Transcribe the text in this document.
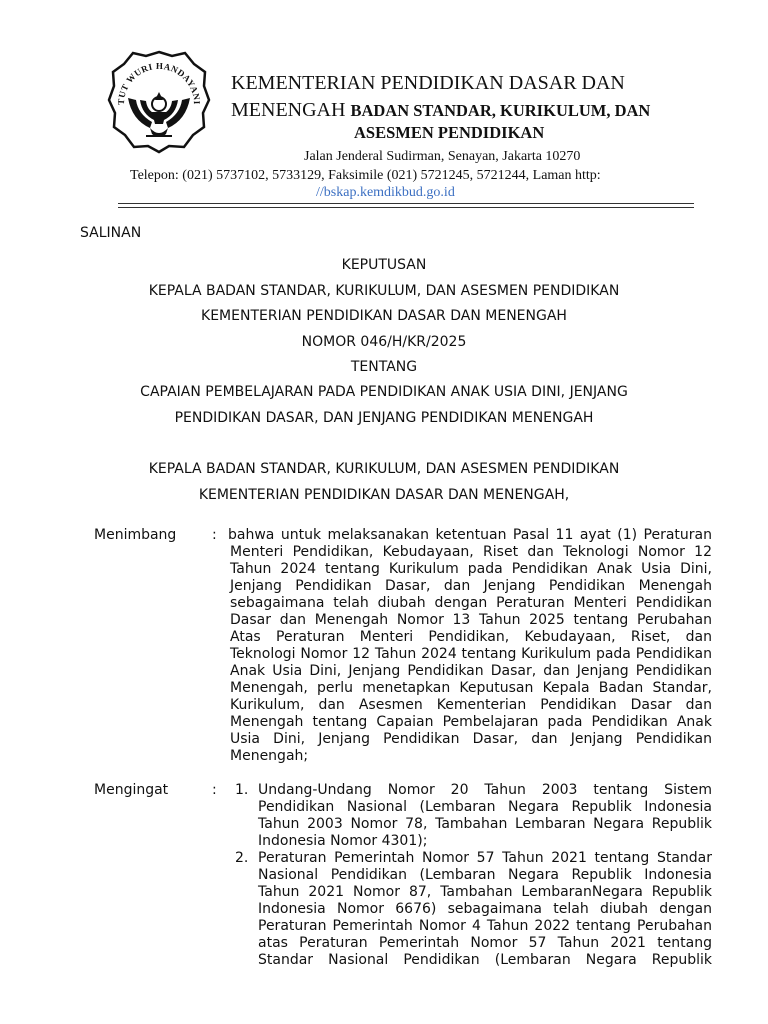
TUT WURI HANDAYANI
KEMENTERIAN PENDIDIKAN DASAR DAN
MENENGAH BADAN STANDAR, KURIKULUM, DAN
ASESMEN PENDIDIKAN
Jalan Jenderal Sudirman, Senayan, Jakarta 10270
Telepon: (021) 5737102, 5733129, Faksimile (021) 5721245, 5721244, Laman http:
//bskap.kemdikbud.go.id
SALINAN
KEPUTUSAN
KEPALA BADAN STANDAR, KURIKULUM, DAN ASESMEN PENDIDIKAN
KEMENTERIAN PENDIDIKAN DASAR DAN MENENGAH
NOMOR 046/H/KR/2025
TENTANG
CAPAIAN PEMBELAJARAN PADA PENDIDIKAN ANAK USIA DINI, JENJANG
PENDIDIKAN DASAR, DAN JENJANG PENDIDIKAN MENENGAH
KEPALA BADAN STANDAR, KURIKULUM, DAN ASESMEN PENDIDIKAN
KEMENTERIAN PENDIDIKAN DASAR DAN MENENGAH,
Menimbang	: bahwa untuk melaksanakan ketentuan Pasal 11 ayat (1) Peraturan Menteri Pendidikan, Kebudayaan, Riset dan Teknologi Nomor 12 Tahun 2024 tentang Kurikulum pada Pendidikan Anak Usia Dini, Jenjang Pendidikan Dasar, dan Jenjang Pendidikan Menengah sebagaimana telah diubah dengan Peraturan Menteri Pendidikan Dasar dan Menengah Nomor 13 Tahun 2025 tentang Perubahan Atas Peraturan Menteri Pendidikan, Kebudayaan, Riset, dan Teknologi Nomor 12 Tahun 2024 tentang Kurikulum pada Pendidikan Anak Usia Dini, Jenjang Pendidikan Dasar, dan Jenjang Pendidikan Menengah, perlu menetapkan Keputusan Kepala Badan Standar, Kurikulum, dan Asesmen Kementerian Pendidikan Dasar dan Menengah tentang Capaian Pembelajaran pada Pendidikan Anak Usia Dini, Jenjang Pendidikan Dasar, dan Jenjang Pendidikan Menengah;
Mengingat	: 1. Undang-Undang Nomor 20 Tahun 2003 tentang Sistem Pendidikan Nasional (Lembaran Negara Republik Indonesia Tahun 2003 Nomor 78, Tambahan Lembaran Negara Republik Indonesia Nomor 4301);
2. Peraturan Pemerintah Nomor 57 Tahun 2021 tentang Standar Nasional Pendidikan (Lembaran Negara Republik Indonesia Tahun 2021 Nomor 87, Tambahan LembaranNegara Republik Indonesia Nomor 6676) sebagaimana telah diubah dengan Peraturan Pemerintah Nomor 4 Tahun 2022 tentang Perubahan atas Peraturan Pemerintah Nomor 57 Tahun 2021 tentang Standar Nasional Pendidikan (Lembaran Negara Republik
